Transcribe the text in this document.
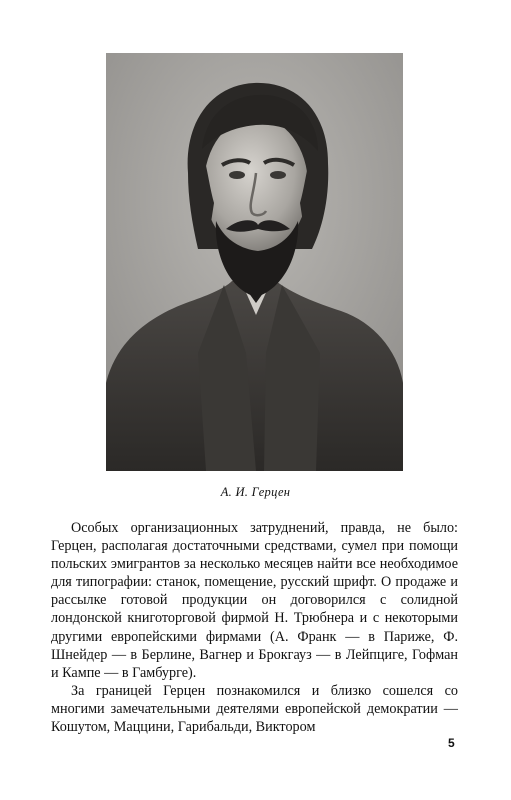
А. И. Герцен

Особых организационных затруднений, правда, не было: Герцен, располагая достаточными средствами, сумел при помощи польских эмигрантов за несколько месяцев найти все необходимое для типографии: станок, помещение, русский шрифт. О продаже и рассылке готовой продукции он договорился с солидной лондонской книготорговой фирмой Н. Трюбнера и с некоторыми другими европейскими фирмами (А. Франк — в Париже, Ф. Шнейдер — в Берлине, Вагнер и Брокгауз — в Лейпциге, Гофман и Кампе — в Гамбурге).

За границей Герцен познакомился и близко сошелся со многими замечательными деятелями европейской демократии — Кошутом, Маццини, Гарибальди, Виктором

5
